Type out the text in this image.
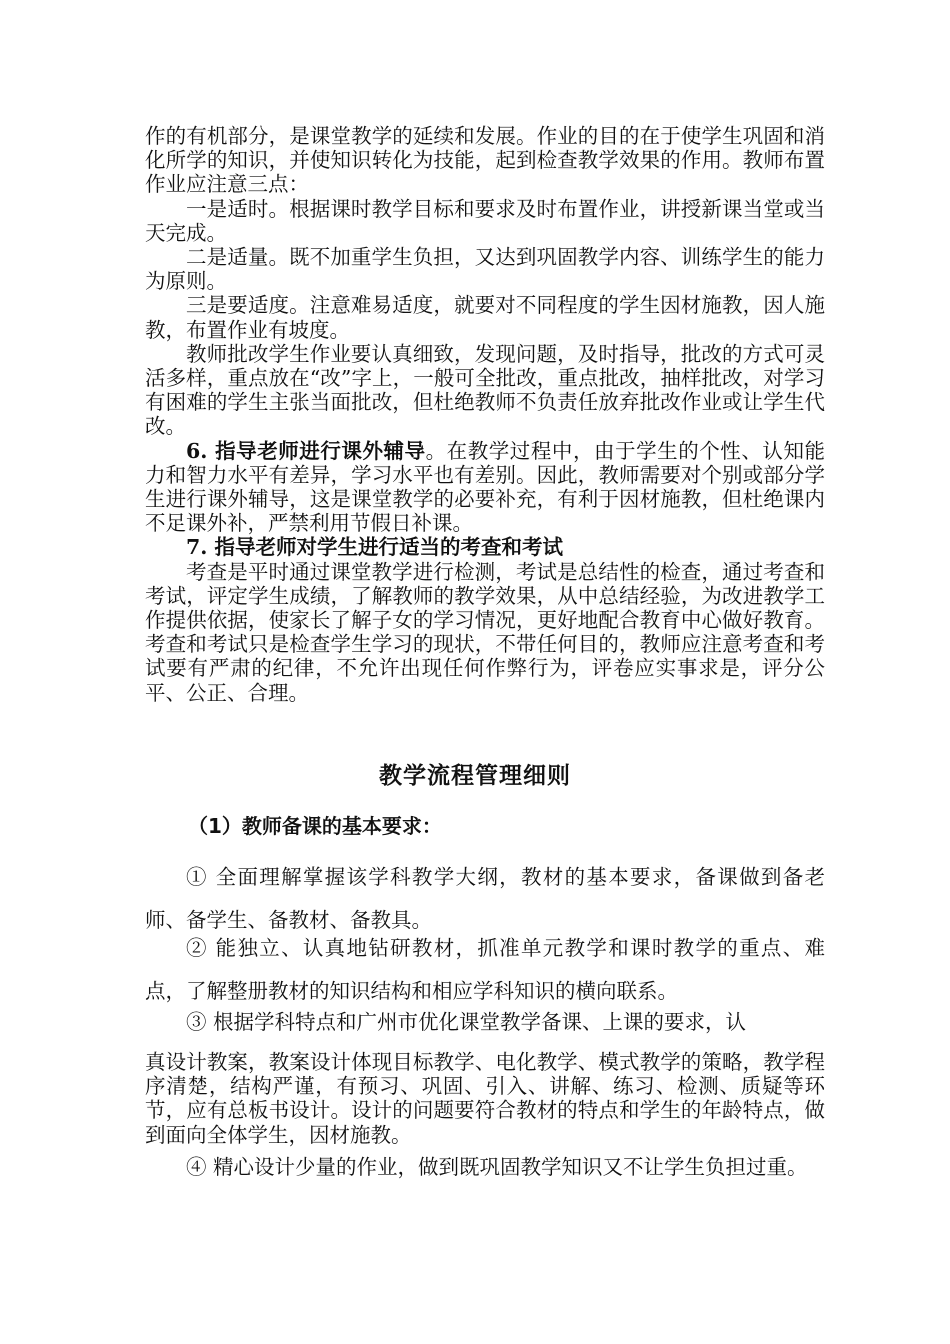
作的有机部分，是课堂教学的延续和发展。作业的目的在于使学生巩固和消化所学的知识，并使知识转化为技能，起到检查教学效果的作用。教师布置作业应注意三点：

一是适时。根据课时教学目标和要求及时布置作业，讲授新课当堂或当天完成。

二是适量。既不加重学生负担，又达到巩固教学内容、训练学生的能力为原则。

三是要适度。注意难易适度，就要对不同程度的学生因材施教，因人施教，布置作业有坡度。

教师批改学生作业要认真细致，发现问题，及时指导，批改的方式可灵活多样，重点放在“改”字上，一般可全批改，重点批改，抽样批改，对学习有困难的学生主张当面批改，但杜绝教师不负责任放弃批改作业或让学生代改。

6. 指导老师进行课外辅导。在教学过程中，由于学生的个性、认知能力和智力水平有差异，学习水平也有差别。因此，教师需要对个别或部分学生进行课外辅导，这是课堂教学的必要补充，有利于因材施教，但杜绝课内不足课外补，严禁利用节假日补课。

7. 指导老师对学生进行适当的考查和考试

考查是平时通过课堂教学进行检测，考试是总结性的检查，通过考查和考试，评定学生成绩，了解教师的教学效果，从中总结经验，为改进教学工作提供依据，使家长了解子女的学习情况，更好地配合教育中心做好教育。考查和考试只是检查学生学习的现状，不带任何目的，教师应注意考查和考试要有严肃的纪律，不允许出现任何作弊行为，评卷应实事求是，评分公平、公正、合理。

教学流程管理细则

（1）教师备课的基本要求：

① 全面理解掌握该学科教学大纲，教材的基本要求，备课做到备老师、备学生、备教材、备教具。

② 能独立、认真地钻研教材，抓准单元教学和课时教学的重点、难点，了解整册教材的知识结构和相应学科知识的横向联系。

③ 根据学科特点和广州市优化课堂教学备课、上课的要求，认

真设计教案，教案设计体现目标教学、电化教学、模式教学的策略，教学程序清楚，结构严谨，有预习、巩固、引入、讲解、练习、检测、质疑等环节，应有总板书设计。设计的问题要符合教材的特点和学生的年龄特点，做到面向全体学生，因材施教。

④ 精心设计少量的作业，做到既巩固教学知识又不让学生负担过重。
